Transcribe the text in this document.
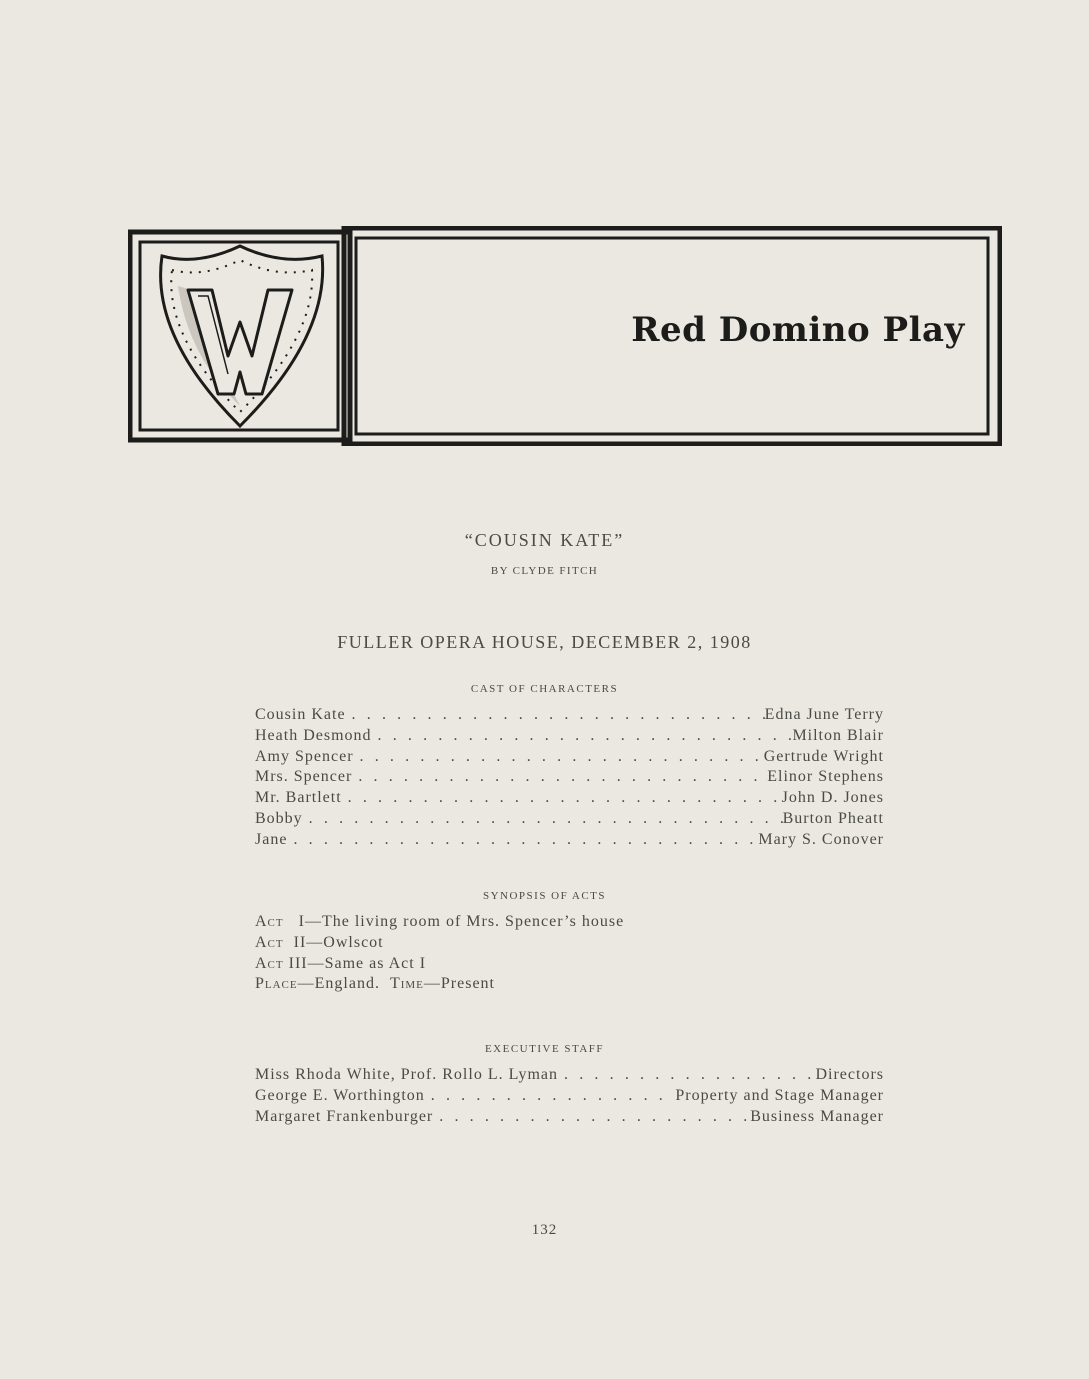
Red Domino Play
“COUSIN KATE”
BY CLYDE FITCH
FULLER OPERA HOUSE, DECEMBER 2, 1908
CAST OF CHARACTERS
Cousin Kate . . .	Edna June Terry
Heath Desmond . . .	Milton Blair
Amy Spencer . . .	Gertrude Wright
Mrs. Spencer . . .	Elinor Stephens
Mr. Bartlett . . .	John D. Jones
Bobby . . .	Burton Pheatt
Jane . . .	Mary S. Conover
SYNOPSIS OF ACTS
Act I—The living room of Mrs. Spencer’s house
Act II—Owlscot
Act III—Same as Act I
Place—England. Time—Present
EXECUTIVE STAFF
Miss Rhoda White, Prof. Rollo L. Lyman . . .	Directors
George E. Worthington . . .	Property and Stage Manager
Margaret Frankenburger . . .	Business Manager
132
